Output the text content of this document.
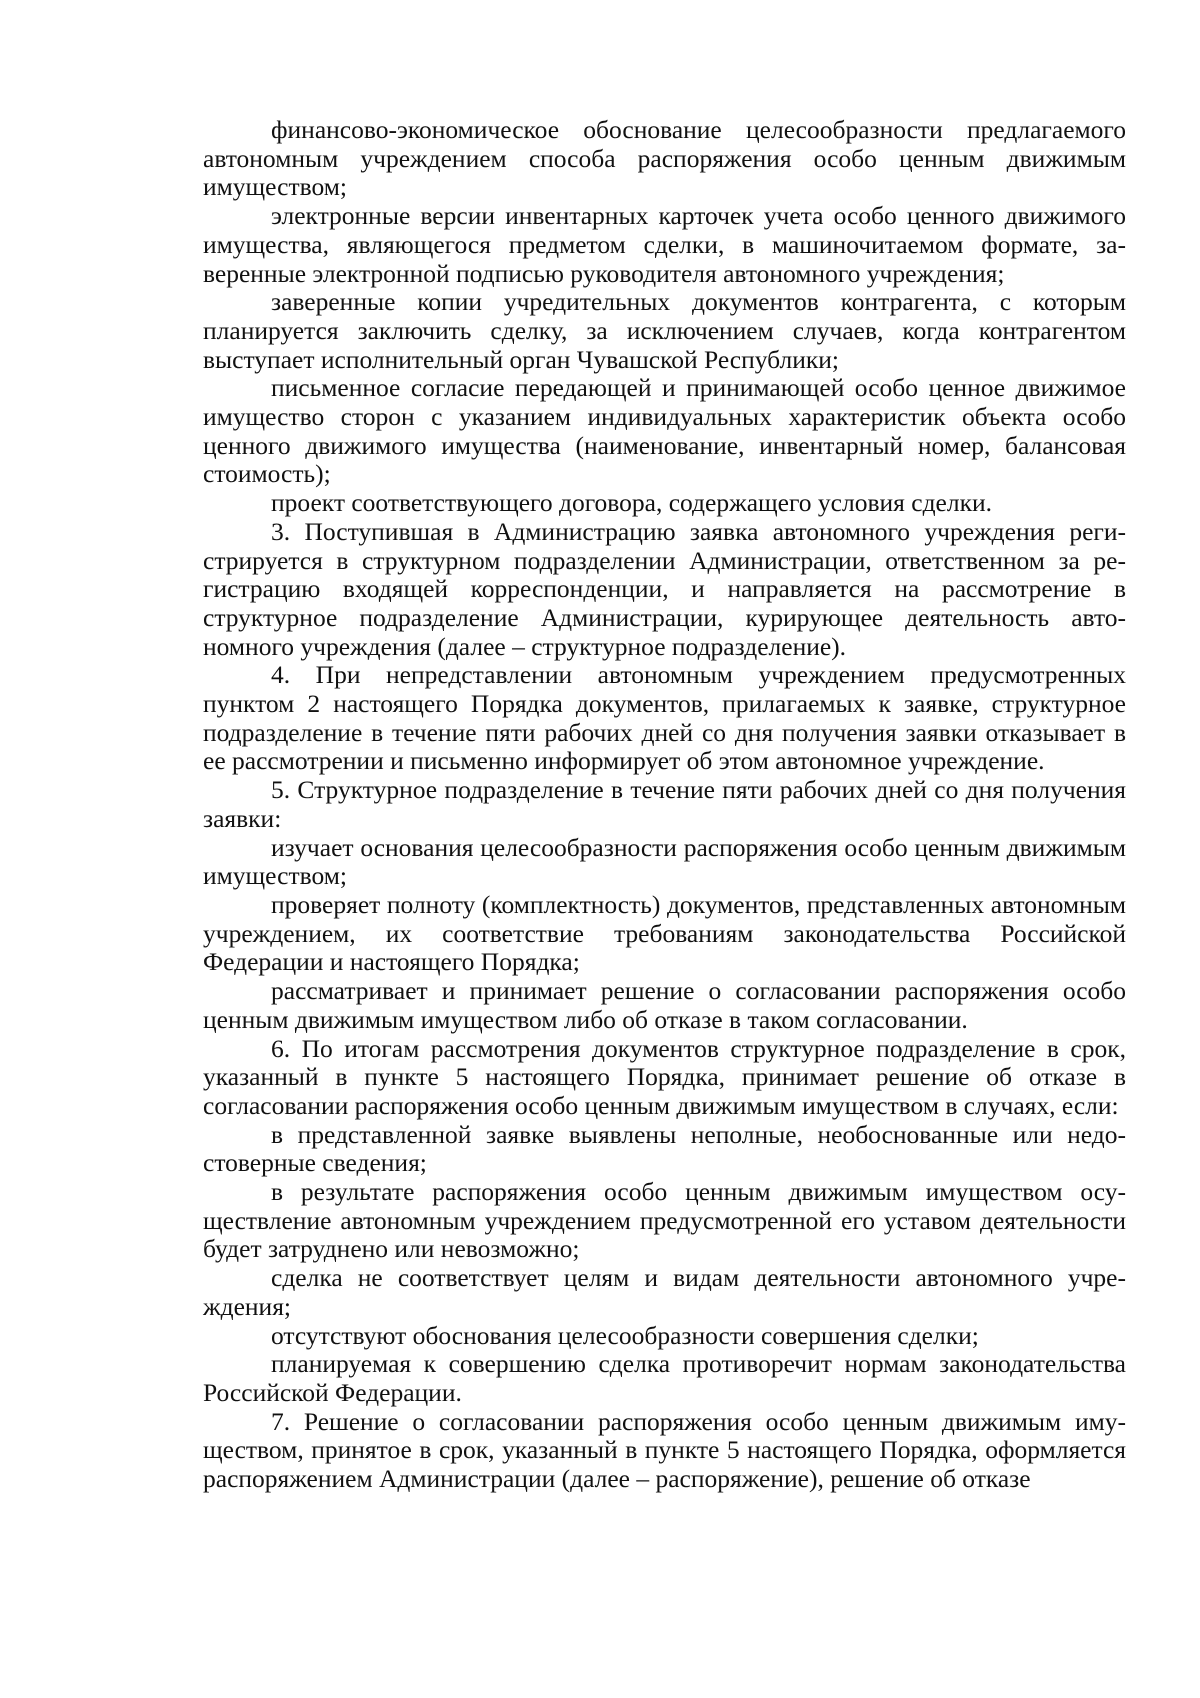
финансово-экономическое обоснование целесообразности предлагаемого автономным учреждением способа распоряжения особо ценным движимым имуществом;

электронные версии инвентарных карточек учета особо ценного движимого имущества, являющегося предметом сделки, в машиночитаемом формате, заверенные электронной подписью руководителя автономного учреждения;

заверенные копии учредительных документов контрагента, с которым планируется заключить сделку, за исключением случаев, когда контрагентом выступает исполнительный орган Чувашской Республики;

письменное согласие передающей и принимающей особо ценное движимое имущество сторон с указанием индивидуальных характеристик объекта особо ценного движимого имущества (наименование, инвентарный номер, балансовая стоимость);

проект соответствующего договора, содержащего условия сделки.

3. Поступившая в Администрацию заявка автономного учреждения регистрируется в структурном подразделении Администрации, ответственном за регистрацию входящей корреспонденции, и направляется на рассмотрение в структурное подразделение Администрации, курирующее деятельность автономного учреждения (далее – структурное подразделение).

4. При непредставлении автономным учреждением предусмотренных пунктом 2 настоящего Порядка документов, прилагаемых к заявке, структурное подразделение в течение пяти рабочих дней со дня получения заявки отказывает в ее рассмотрении и письменно информирует об этом автономное учреждение.

5. Структурное подразделение в течение пяти рабочих дней со дня получения заявки:

изучает основания целесообразности распоряжения особо ценным движимым имуществом;

проверяет полноту (комплектность) документов, представленных автономным учреждением, их соответствие требованиям законодательства Российской Федерации и настоящего Порядка;

рассматривает и принимает решение о согласовании распоряжения особо ценным движимым имуществом либо об отказе в таком согласовании.

6. По итогам рассмотрения документов структурное подразделение в срок, указанный в пункте 5 настоящего Порядка, принимает решение об отказе в согласовании распоряжения особо ценным движимым имуществом в случаях, если:

в представленной заявке выявлены неполные, необоснованные или недостоверные сведения;

в результате распоряжения особо ценным движимым имуществом осуществление автономным учреждением предусмотренной его уставом деятельности будет затруднено или невозможно;

сделка не соответствует целям и видам деятельности автономного учреждения;

отсутствуют обоснования целесообразности совершения сделки;

планируемая к совершению сделка противоречит нормам законодательства Российской Федерации.

7. Решение о согласовании распоряжения особо ценным движимым имуществом, принятое в срок, указанный в пункте 5 настоящего Порядка, оформляется распоряжением Администрации (далее – распоряжение), решение об отказе
